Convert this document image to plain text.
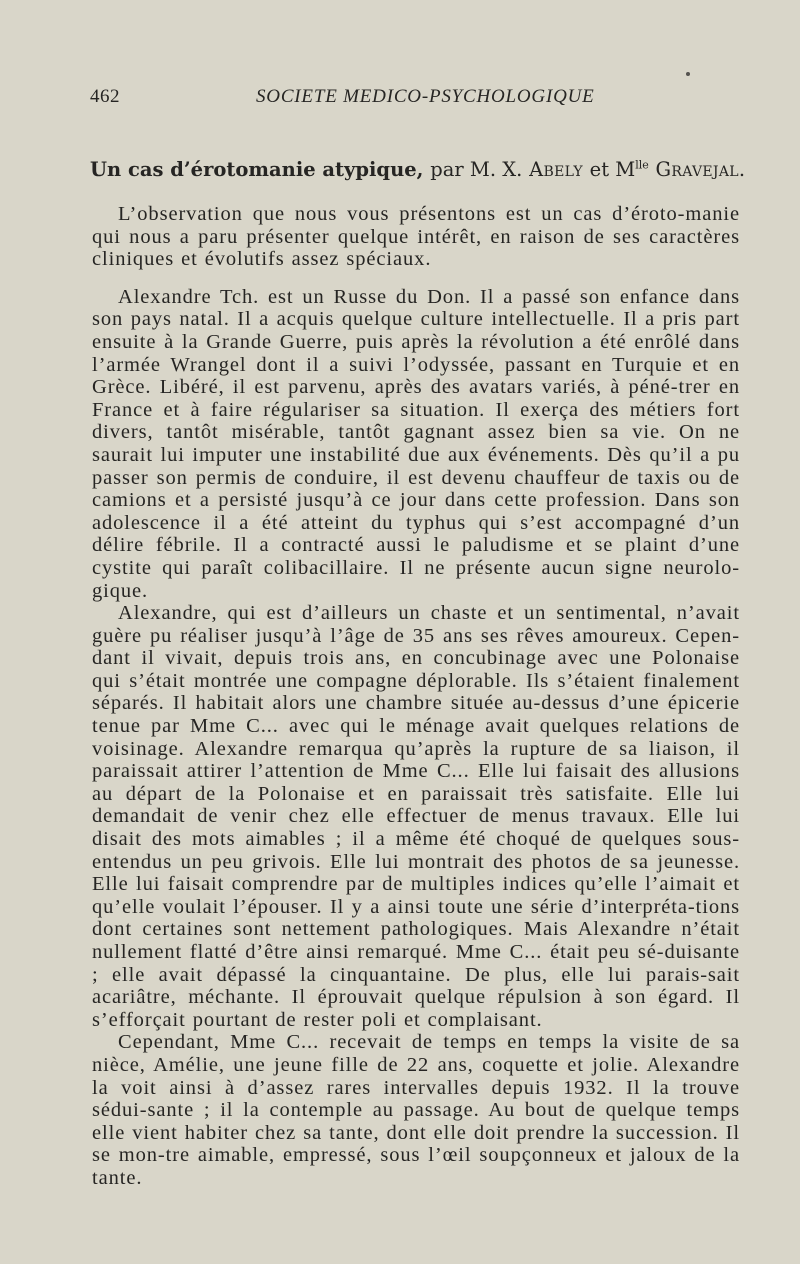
462	SOCIETE MEDICO-PSYCHOLOGIQUE
Un cas d’érotomanie atypique, par M. X. Abely et $M^{lle}$ Gravejal.

L’observation que nous vous présentons est un cas d’éroto-manie qui nous a paru présenter quelque intérêt, en raison de ses caractères cliniques et évolutifs assez spéciaux.

Alexandre Tch. est un Russe du Don. Il a passé son enfance dans son pays natal. Il a acquis quelque culture intellectuelle. Il a pris part ensuite à la Grande Guerre, puis après la révolution a été enrôlé dans l’armée Wrangel dont il a suivi l’odyssée, passant en Turquie et en Grèce. Libéré, il est parvenu, après des avatars variés, à péné-trer en France et à faire régulariser sa situation. Il exerça des métiers fort divers, tantôt misérable, tantôt gagnant assez bien sa vie. On ne saurait lui imputer une instabilité due aux événements. Dès qu’il a pu passer son permis de conduire, il est devenu chauffeur de taxis ou de camions et a persisté jusqu’à ce jour dans cette profession. Dans son adolescence il a été atteint du typhus qui s’est accompagné d’un délire fébrile. Il a contracté aussi le paludisme et se plaint d’une cystite qui paraît colibacillaire. Il ne présente aucun signe neurolo-gique.

Alexandre, qui est d’ailleurs un chaste et un sentimental, n’avait guère pu réaliser jusqu’à l’âge de 35 ans ses rêves amoureux. Cepen-dant il vivait, depuis trois ans, en concubinage avec une Polonaise qui s’était montrée une compagne déplorable. Ils s’étaient finalement séparés. Il habitait alors une chambre située au-dessus d’une épicerie tenue par Mme C... avec qui le ménage avait quelques relations de voisinage. Alexandre remarqua qu’après la rupture de sa liaison, il paraissait attirer l’attention de Mme C... Elle lui faisait des allusions au départ de la Polonaise et en paraissait très satisfaite. Elle lui demandait de venir chez elle effectuer de menus travaux. Elle lui disait des mots aimables ; il a même été choqué de quelques sous-entendus un peu grivois. Elle lui montrait des photos de sa jeunesse. Elle lui faisait comprendre par de multiples indices qu’elle l’aimait et qu’elle voulait l’épouser. Il y a ainsi toute une série d’interpréta-tions dont certaines sont nettement pathologiques. Mais Alexandre n’était nullement flatté d’être ainsi remarqué. Mme C... était peu sé-duisante ; elle avait dépassé la cinquantaine. De plus, elle lui parais-sait acariâtre, méchante. Il éprouvait quelque répulsion à son égard. Il s’efforçait pourtant de rester poli et complaisant.

Cependant, Mme C... recevait de temps en temps la visite de sa nièce, Amélie, une jeune fille de 22 ans, coquette et jolie. Alexandre la voit ainsi à d’assez rares intervalles depuis 1932. Il la trouve sédui-sante ; il la contemple au passage. Au bout de quelque temps elle vient habiter chez sa tante, dont elle doit prendre la succession. Il se mon-tre aimable, empressé, sous l’œil soupçonneux et jaloux de la tante.
